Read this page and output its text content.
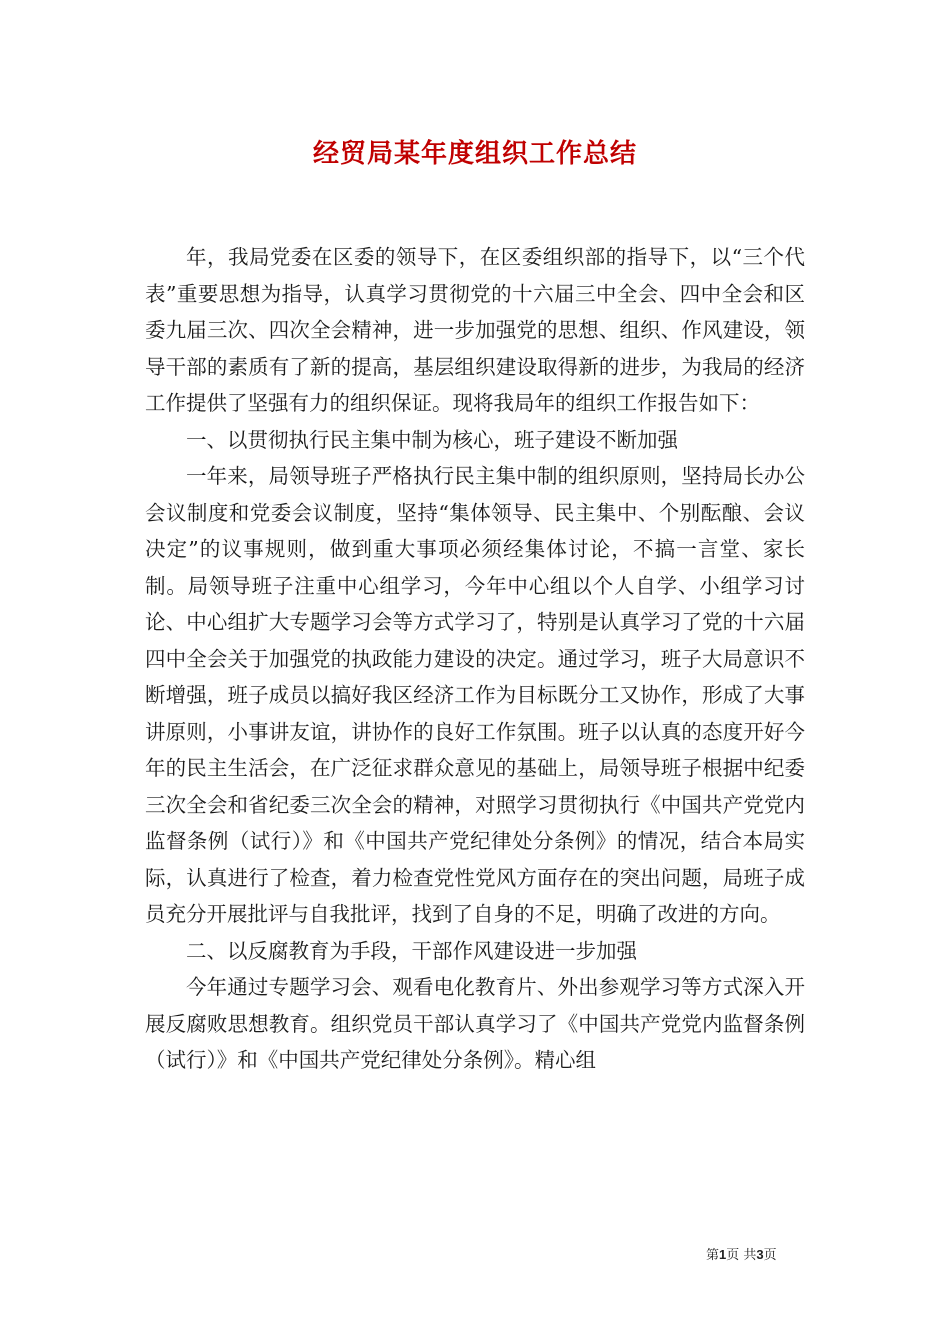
经贸局某年度组织工作总结

年，我局党委在区委的领导下，在区委组织部的指导下，以“三个代表”重要思想为指导，认真学习贯彻党的十六届三中全会、四中全会和区委九届三次、四次全会精神，进一步加强党的思想、组织、作风建设，领导干部的素质有了新的提高，基层组织建设取得新的进步，为我局的经济工作提供了坚强有力的组织保证。现将我局年的组织工作报告如下：

一、以贯彻执行民主集中制为核心，班子建设不断加强

一年来，局领导班子严格执行民主集中制的组织原则，坚持局长办公会议制度和党委会议制度，坚持“集体领导、民主集中、个别酝酿、会议决定”的议事规则，做到重大事项必须经集体讨论，不搞一言堂、家长制。局领导班子注重中心组学习，今年中心组以个人自学、小组学习讨论、中心组扩大专题学习会等方式学习了，特别是认真学习了党的十六届四中全会关于加强党的执政能力建设的决定。通过学习，班子大局意识不断增强，班子成员以搞好我区经济工作为目标既分工又协作，形成了大事讲原则，小事讲友谊，讲协作的良好工作氛围。班子以认真的态度开好今年的民主生活会，在广泛征求群众意见的基础上，局领导班子根据中纪委三次全会和省纪委三次全会的精神，对照学习贯彻执行《中国共产党党内监督条例（试行）》和《中国共产党纪律处分条例》的情况，结合本局实际，认真进行了检查，着力检查党性党风方面存在的突出问题，局班子成员充分开展批评与自我批评，找到了自身的不足，明确了改进的方向。

二、以反腐教育为手段，干部作风建设进一步加强

今年通过专题学习会、观看电化教育片、外出参观学习等方式深入开展反腐败思想教育。组织党员干部认真学习了《中国共产党党内监督条例（试行）》和《中国共产党纪律处分条例》。精心组

第1页 共3页
